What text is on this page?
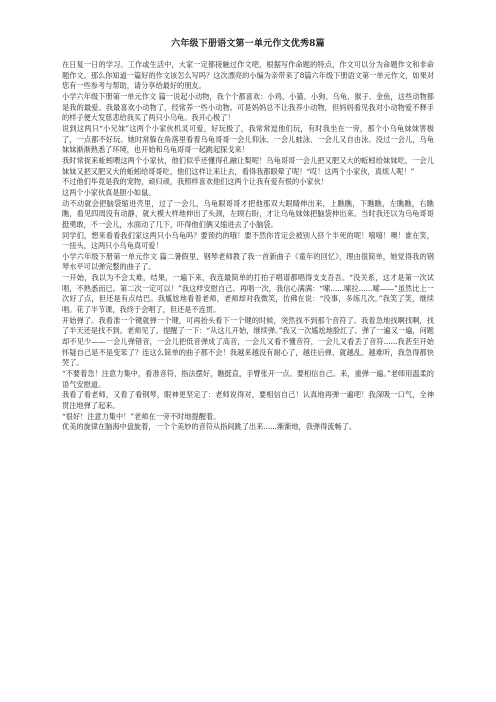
六年级下册语文第一单元作文优秀8篇

在日复一日的学习、工作或生活中，大家一定都接触过作文吧，根据写作命题的特点，作文可以分为命题作文和非命题作文。那么你知道一篇好的作文该怎么写吗？这次漂亮的小编为亲带来了8篇六年级下册语文第一单元作文，如果对您有一些参考与帮助，请分享给最好的朋友。

小学六年级下册第一单元作文 篇一说起小动物，我个个都喜欢：小鸡、小猫、小狗、乌龟、猴子、金鱼，这些动物都是我的最爱。我最喜欢小动物了，经常养一些小动物。可是妈妈总不让我养小动物，但妈妈看见我对小动物爱不释手的样子便大发慈悲给我买了两只小乌龟。我开心极了！

说到这两只“小兄妹”这两个小家伙机灵可爱，好玩极了，我常常逗他们玩，有时我坐在一旁，那个小乌龟妹妹害极了，一点都不好玩。她时常躲在角落里看着乌龟哥哥一会儿仰泳、一会儿蛙泳、一会儿又自由泳。没过一会儿，乌龟妹妹渐渐熟悉了环境，也开始和乌龟哥哥一起跳起探戈来！

我时常捉来蚯蚓喂这两个小家伙，他们似乎还懂得孔融让梨呢！乌龟哥哥一会儿把又肥又大的蚯蚓给妹妹吃，一会儿妹妹又把又肥又大的蚯蚓给哥哥吃，他们这样让来让去，看得我都眼晕了呢！“哎！这两个小家伙，真烦人呢！”

不过他们毕竟是我的宠物，顽归顽，我照样喜欢他们这两个让我有爱有恨的小家伙！

这两个小家伙真是胆小如鼠。

动不动就会把脑袋缩进壳里，过了一会儿，乌龟眼哥哥才把他那双大眼睛伸出来，上瞧瞧，下瞧瞧，左瞧瞧，右瞧瞧，看见四周没有动静，就大模大样地伸出了头颈，左顾右盼，才让乌龟妹妹把脑袋伸出来。当时我还以为乌龟哥哥挺勇敢，不一会儿，水面动了几下，吓得他们俩又缩进去了小脑袋。

同学们，想来看看我们家这两只小乌龟吗？要预约的哦！要不然你肯定会被别人挤个半死的呢！嘻嘻！噢！谁在笑，一扭头，这两只小乌龟真可爱！

小学六年级下册第一单元作文 篇二暑假里，钢琴老师教了我一首新曲子《童年的回忆》，理由很简单，她觉得我的钢琴水平可以弹完整的曲子了。

一开始，我以为不会太难，结果，一遍下来，我连最简单的打拍子唱谱都唱得支支吾吾。“没关系，这才是第一次试唱，不熟悉而已。第二次一定可以！”我这样安慰自己。再唱一次，我信心满满：“嗦......嗦拉......嗦——”虽然比上一次好了点，但还是有点结巴。我尴尬地看着老师，老师却对我微笑，仿佛在说：“没事，多练几次。”我笑了笑，继续唱。花了半节课，我终于会唱了，但还是不连贯。

开始弹了。我看准一个键就弹一个键，可再抬头看下一个键的时候，突然找不到那个音符了。我着急地找啊找啊，找了半天还是找不到。老师见了，提醒了一下：“从这儿开始，继续弹。”我又一次尴尬地脸红了。弹了一遍又一遍，问题却不见少——一会儿弹错音，一会儿把低音弹成了高音，一会儿又看不懂音符，一会儿又看丢了音符......我甚至开始怀疑自己是不是变笨了？连这么简单的曲子都不会！我越来越没有耐心了，越往后弹，就越乱、越难听，我急得都快哭了。

“不要着急！注意力集中，看准音符，指法摆好，瞧挺直，手臂张开一点。要相信自己。来，重弹一遍。”老师用温柔的语气安慰道。

我看了看老师，又看了看钢琴，眼神更坚定了：老师说得对，要相信自己！认真地再弹一遍吧！我深吸一口气，全神贯注地弹了起来。

“很好！注意力集中！”老师在一旁不时地提醒着。

优美的旋律在脑海中盘旋着，一个个美妙的音符从指间跳了出来......渐渐地，我弹得流畅了。
